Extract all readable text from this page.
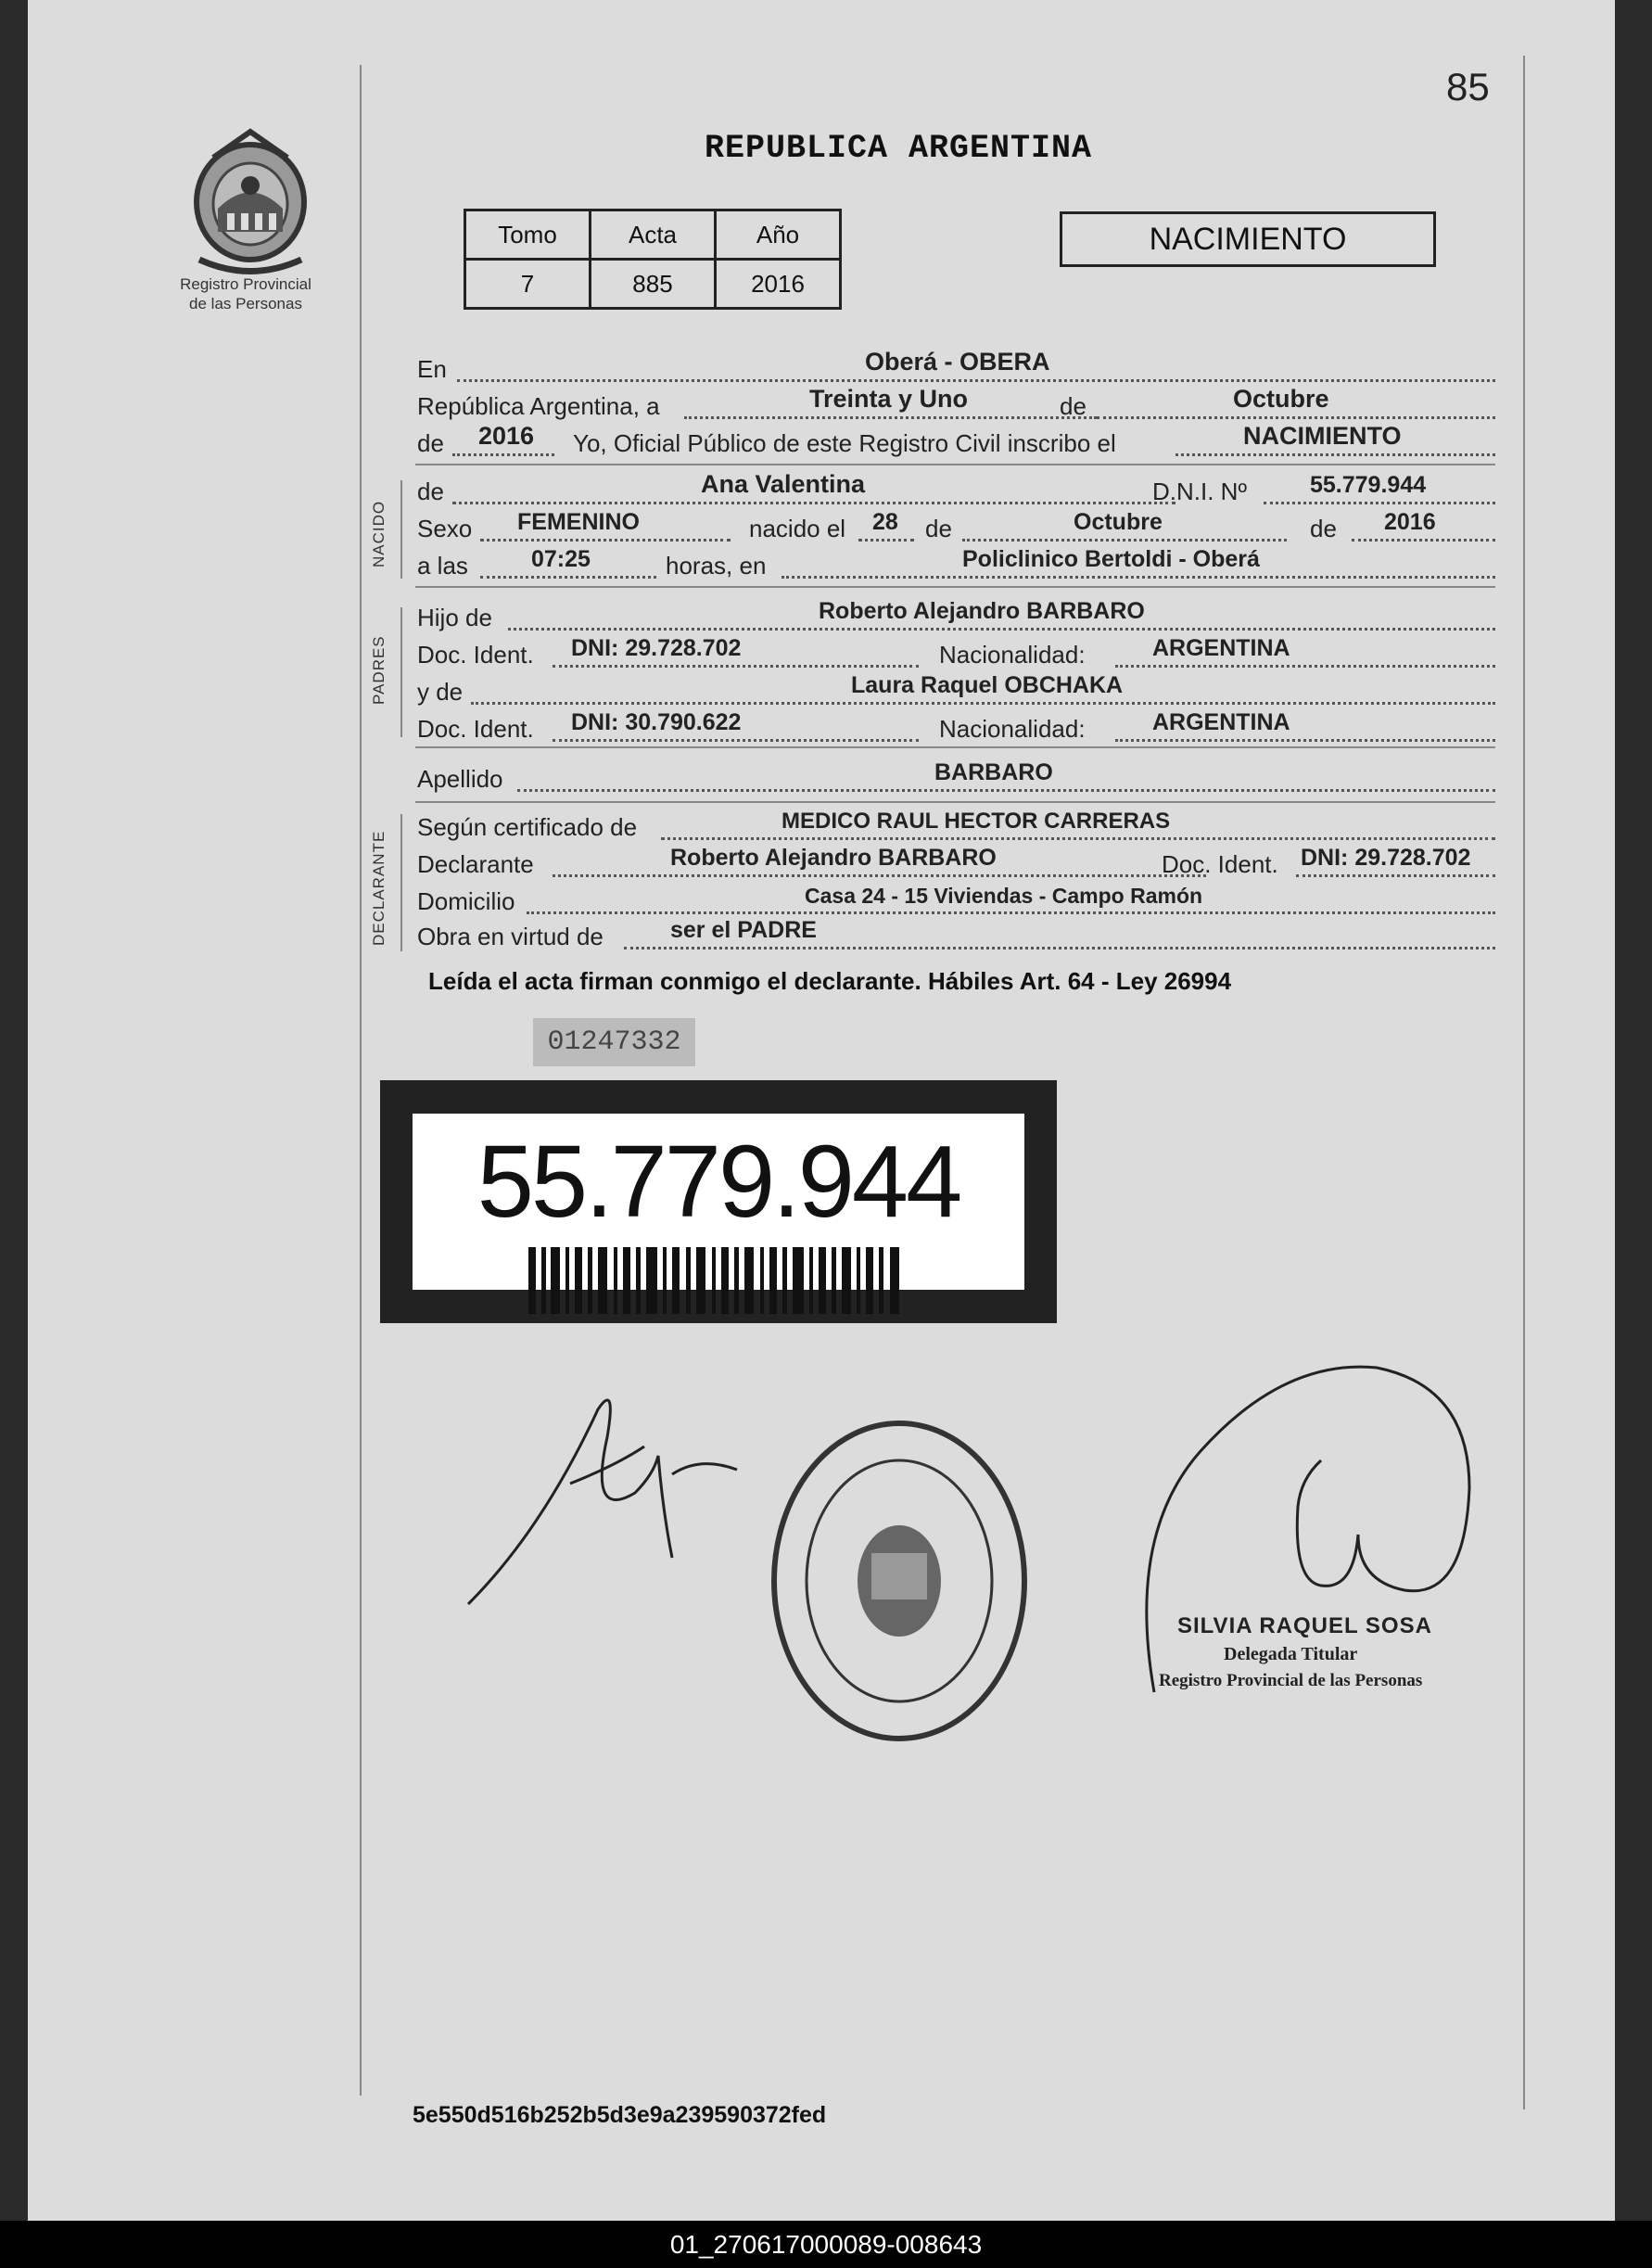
85
Registro Provincial
de las Personas
REPUBLICA ARGENTINA
Tomo	Acta	Año
7	885	2016
NACIMIENTO
En	Oberá - OBERA
República Argentina, a	Treinta y Uno	de	Octubre
de 2016 Yo, Oficial Público de este Registro Civil inscribo el	NACIMIENTO
NACIDO
de	Ana Valentina	D.N.I. Nº	55.779.944
Sexo FEMENINO	nacido el 28 de	Octubre	de 2016
a las	07:25	horas, en	Policlinico Bertoldi - Oberá
PADRES
Hijo de	Roberto Alejandro BARBARO
Doc. Ident. DNI: 29.728.702	Nacionalidad:	ARGENTINA
y de	Laura Raquel OBCHAKA
Doc. Ident. DNI: 30.790.622	Nacionalidad:	ARGENTINA
Apellido	BARBARO
DECLARANTE
Según certificado de	MEDICO RAUL HECTOR CARRERAS
Declarante	Roberto Alejandro BARBARO	Doc. Ident. DNI: 29.728.702
Domicilio	Casa 24 - 15 Viviendas - Campo Ramón
Obra en virtud de	ser el PADRE
Leída el acta firman conmigo el declarante. Hábiles Art. 64 - Ley 26994
01247332
55.779.944
SILVIA RAQUEL SOSA
Delegada Titular
Registro Provincial de las Personas
5e550d516b252b5d3e9a239590372fed
01_270617000089-008643
